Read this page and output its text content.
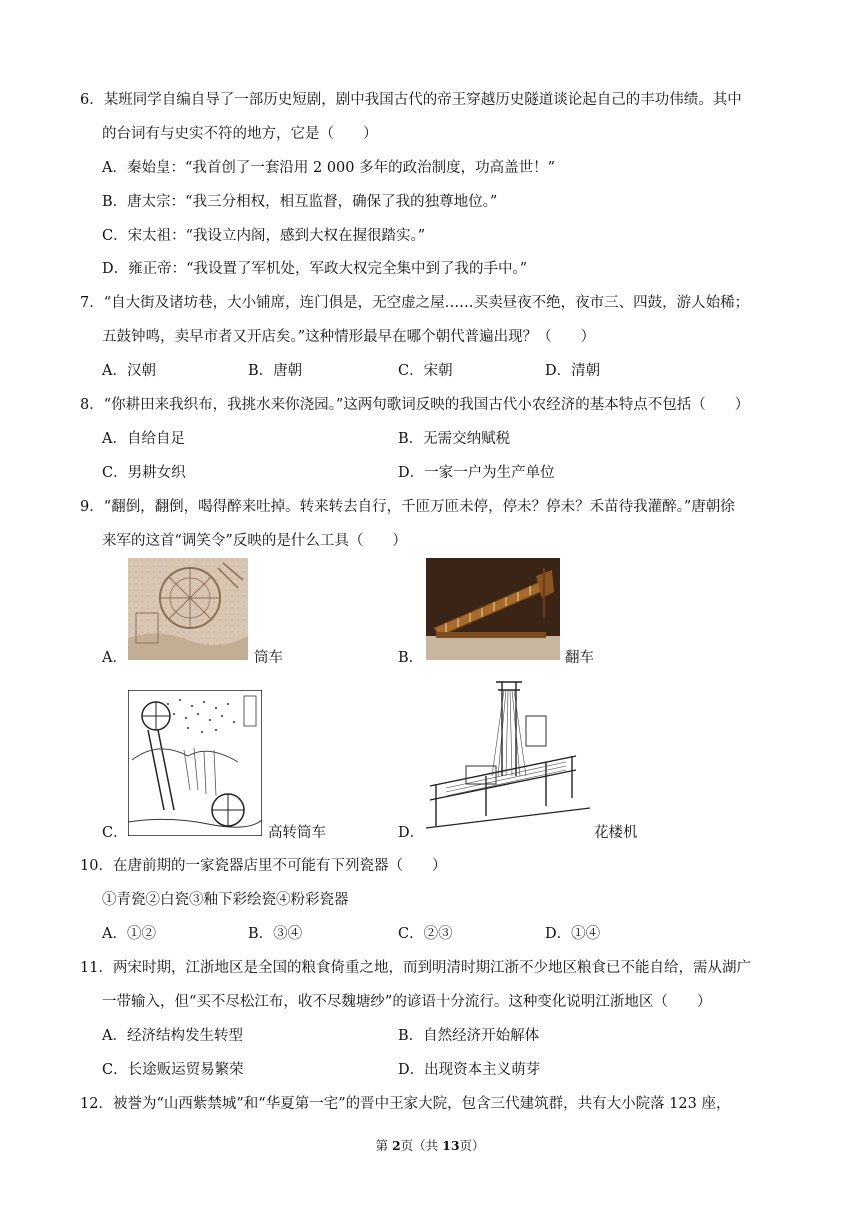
6．某班同学自编自导了一部历史短剧，剧中我国古代的帝王穿越历史隧道谈论起自己的丰功伟绩。其中
的台词有与史实不符的地方，它是（　　）
A．秦始皇：“我首创了一套沿用 2 000 多年的政治制度，功高盖世！”
B．唐太宗：“我三分相权，相互监督，确保了我的独尊地位。”
C．宋太祖：“我设立内阁，感到大权在握很踏实。”
D．雍正帝：“我设置了军机处，军政大权完全集中到了我的手中。”
7．“自大街及诸坊巷，大小铺席，连门俱是，无空虚之屋……买卖昼夜不绝，夜市三、四鼓，游人始稀；
五鼓钟鸣，卖早市者又开店矣。”这种情形最早在哪个朝代普遍出现？（　　）
A．汉朝	B．唐朝	C．宋朝	D．清朝
8．“你耕田来我织布，我挑水来你浇园。”这两句歌词反映的我国古代小农经济的基本特点不包括（　　）
A．自给自足	B．无需交纳赋税
C．男耕女织	D．一家一户为生产单位
9．“翻倒，翻倒，喝得醉来吐掉。转来转去自行，千匝万匝未停，停未？停未？禾苗待我灌醉。”唐朝徐
来军的这首“调笑令”反映的是什么工具（　　）
A．	筒车	B．	翻车
C．	高转筒车	D．	花楼机
10．在唐前期的一家瓷器店里不可能有下列瓷器（　　）
①青瓷②白瓷③釉下彩绘瓷④粉彩瓷器
A．①②	B．③④	C．②③	D．①④
11．两宋时期，江浙地区是全国的粮食倚重之地，而到明清时期江浙不少地区粮食已不能自给，需从湖广
一带输入，但“买不尽松江布，收不尽魏塘纱”的谚语十分流行。这种变化说明江浙地区（　　）
A．经济结构发生转型	B．自然经济开始解体
C．长途贩运贸易繁荣	D．出现资本主义萌芽
12．被誉为“山西紫禁城”和“华夏第一宅”的晋中王家大院，包含三代建筑群，共有大小院落 123 座，
第 2页（共 13页）
